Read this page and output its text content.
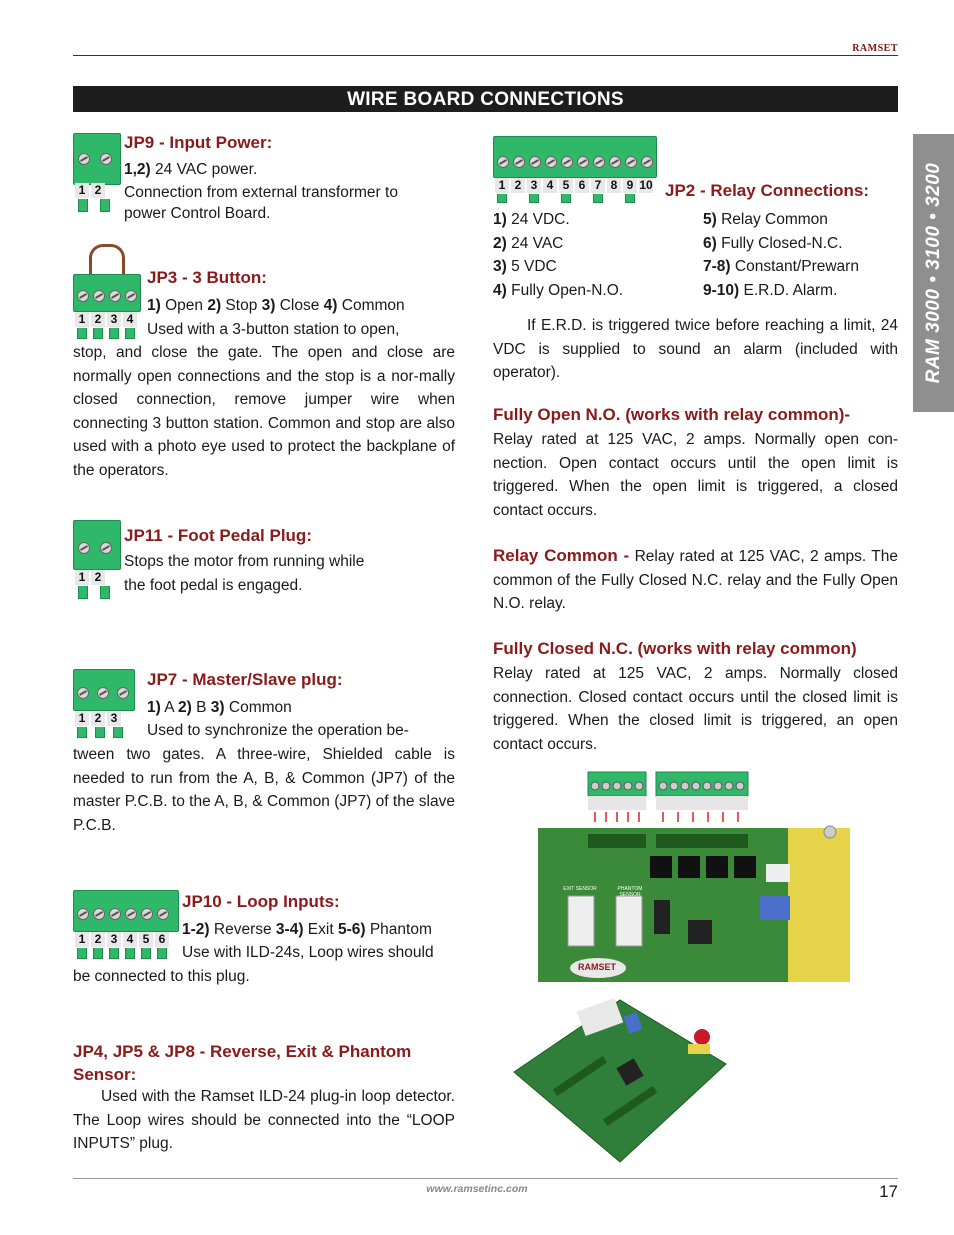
RAMSET
WIRE BOARD CONNECTIONS
RAM 3000 • 3100 • 3200
1 2
JP9 - Input Power:
1,2) 24 VAC power.
Connection from external transformer to
power Control Board.
1 2 3 4
JP3 - 3 Button:
1) Open 2) Stop 3) Close 4) Common
Used with a 3-button station to open,
stop, and close the gate. The open and close are normally open connections and the stop is a nor-mally closed connection, remove jumper wire when connecting 3 button station. Common and stop are also used with a photo eye used to protect the backplane of the operators.
1 2
JP11 - Foot Pedal Plug:
Stops the motor from running while
the foot pedal is engaged.
1 2 3
JP7 - Master/Slave plug:
1) A 2) B 3) Common
Used to synchronize the operation be-
tween two gates. A three-wire, Shielded cable is needed to run from the A, B, & Common (JP7) of the master P.C.B. to the A, B, & Common (JP7) of the slave P.C.B.
1 2 3 4 5 6
JP10 - Loop Inputs:
1-2) Reverse 3-4) Exit 5-6) Phantom
Use with ILD-24s, Loop wires should
be connected to this plug.
JP4, JP5 & JP8 - Reverse, Exit & Phantom Sensor:
Used with the Ramset ILD-24 plug-in loop detector. The Loop wires should be connected into the “LOOP INPUTS” plug.
1 2 3 4 5 6 7 8 9 10 JP2 - Relay Connections:
1) 24 VDC.
2) 24 VAC
3) 5 VDC
4) Fully Open-N.O.
5) Relay Common
6) Fully Closed-N.C.
7-8) Constant/Prewarn
9-10) E.R.D. Alarm.
If E.R.D. is triggered twice before reaching a limit, 24 VDC is supplied to sound an alarm (included with operator).
Fully Open N.O. (works with relay common)-
Relay rated at 125 VAC, 2 amps. Normally open con-nection. Open contact occurs until the open limit is triggered. When the open limit is triggered, a closed contact occurs.
Relay Common - Relay rated at 125 VAC, 2 amps. The common of the Fully Closed N.C. relay and the Fully Open N.O. relay.
Fully Closed N.C. (works with relay common)
Relay rated at 125 VAC, 2 amps. Normally closed connection. Closed contact occurs until the closed limit is triggered. When the closed limit is triggered, an open contact occurs.
RAMSET
EXIT SENSOR	PHANTOM SENSOR
www.ramsetinc.com	17
